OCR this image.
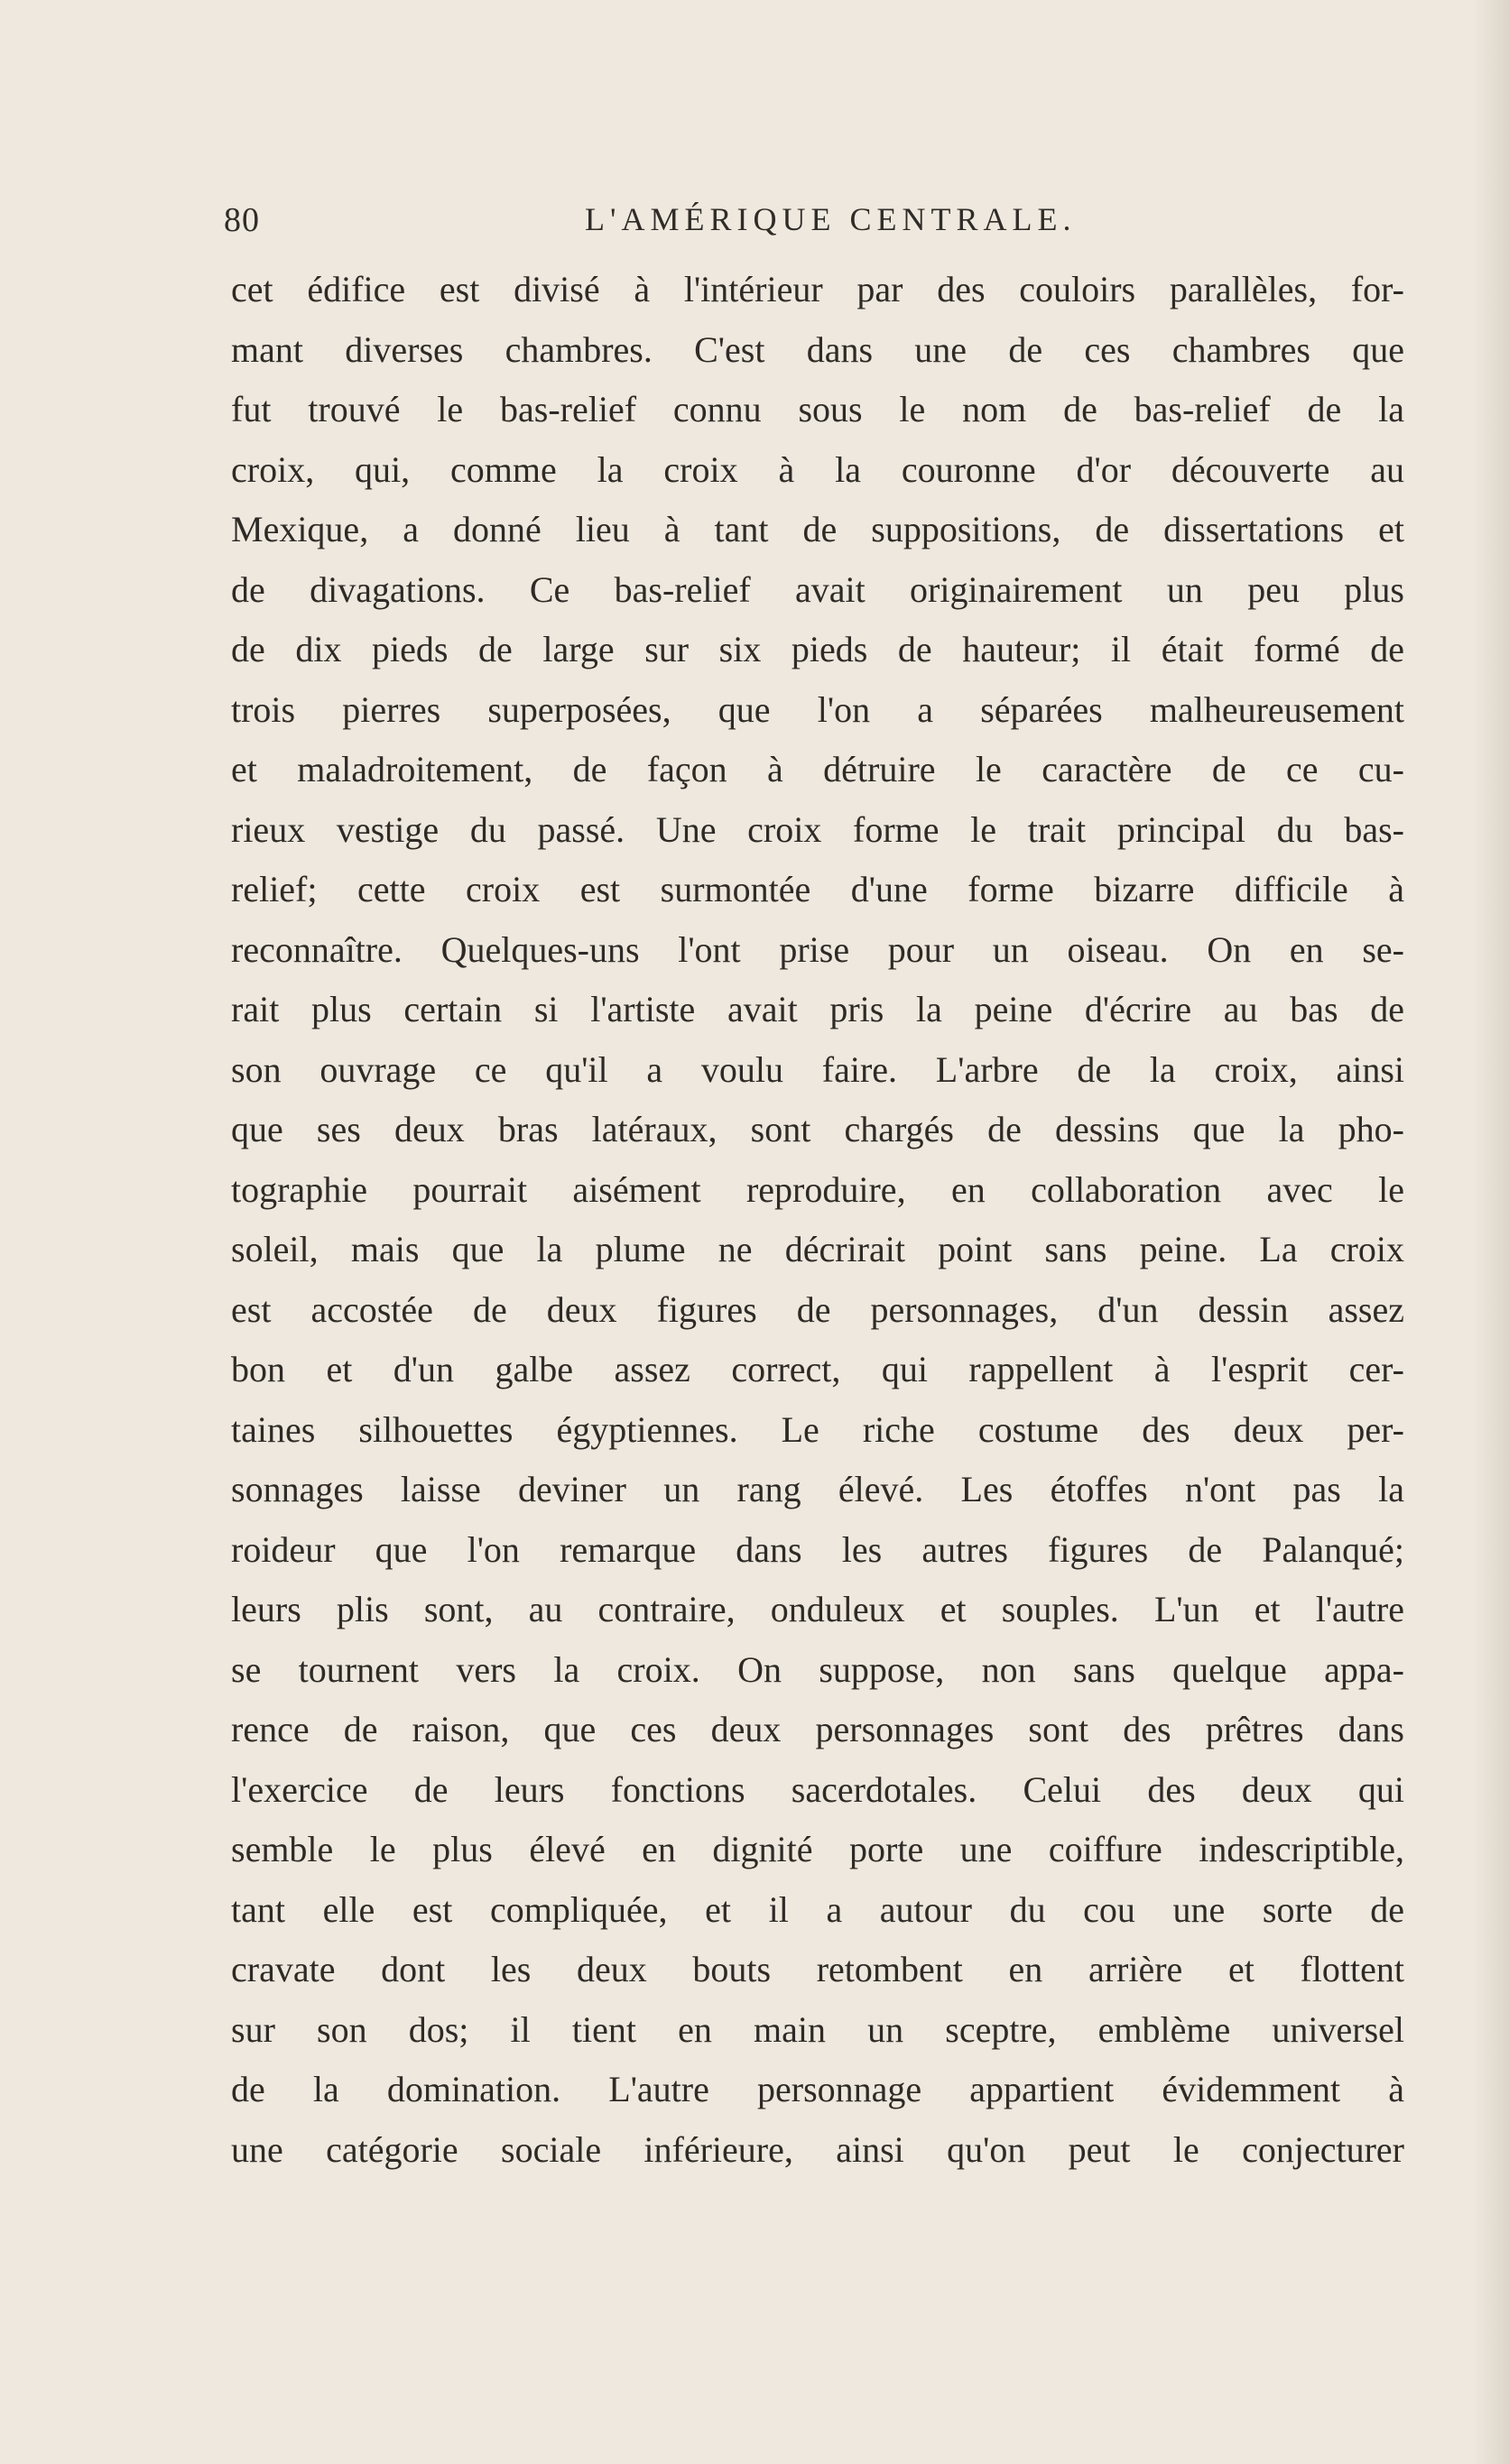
80	L'AMÉRIQUE CENTRALE.
cet édifice est divisé à l'intérieur par des couloirs parallèles, for-
mant diverses chambres. C'est dans une de ces chambres que
fut trouvé le bas-relief connu sous le nom de bas-relief de la
croix, qui, comme la croix à la couronne d'or découverte au
Mexique, a donné lieu à tant de suppositions, de dissertations et
de divagations. Ce bas-relief avait originairement un peu plus
de dix pieds de large sur six pieds de hauteur; il était formé de
trois pierres superposées, que l'on a séparées malheureusement
et maladroitement, de façon à détruire le caractère de ce cu-
rieux vestige du passé. Une croix forme le trait principal du bas-
relief; cette croix est surmontée d'une forme bizarre difficile à
reconnaître. Quelques-uns l'ont prise pour un oiseau. On en se-
rait plus certain si l'artiste avait pris la peine d'écrire au bas de
son ouvrage ce qu'il a voulu faire. L'arbre de la croix, ainsi
que ses deux bras latéraux, sont chargés de dessins que la pho-
tographie pourrait aisément reproduire, en collaboration avec le
soleil, mais que la plume ne décrirait point sans peine. La croix
est accostée de deux figures de personnages, d'un dessin assez
bon et d'un galbe assez correct, qui rappellent à l'esprit cer-
taines silhouettes égyptiennes. Le riche costume des deux per-
sonnages laisse deviner un rang élevé. Les étoffes n'ont pas la
roideur que l'on remarque dans les autres figures de Palanqué;
leurs plis sont, au contraire, onduleux et souples. L'un et l'autre
se tournent vers la croix. On suppose, non sans quelque appa-
rence de raison, que ces deux personnages sont des prêtres dans
l'exercice de leurs fonctions sacerdotales. Celui des deux qui
semble le plus élevé en dignité porte une coiffure indescriptible,
tant elle est compliquée, et il a autour du cou une sorte de
cravate dont les deux bouts retombent en arrière et flottent
sur son dos; il tient en main un sceptre, emblème universel
de la domination. L'autre personnage appartient évidemment à
une catégorie sociale inférieure, ainsi qu'on peut le conjecturer
